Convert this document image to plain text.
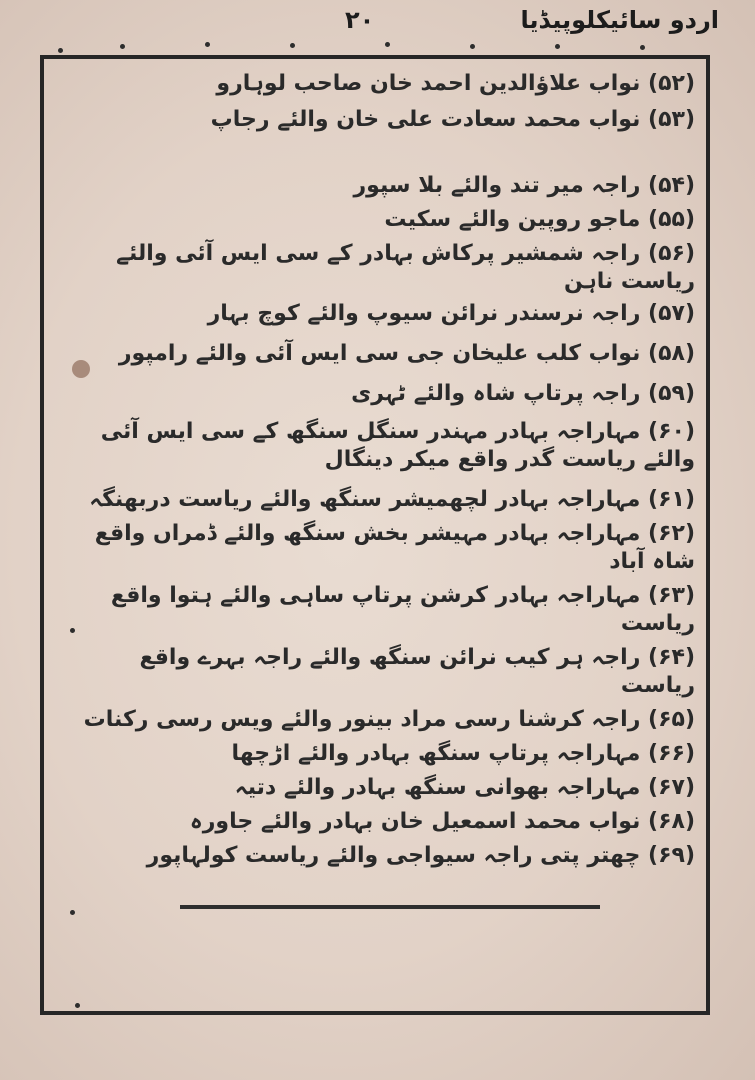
اردو سائیکلوپیڈیا
۲۰

(۵۲) نواب علاؤالدین احمد خان صاحب لوہارو

(۵۳) نواب محمد سعادت علی خان والئے رجاپ

(۵۴) راجہ میر تند والئے بلا سپور

(۵۵) ماجو روپین والئے سکیت

(۵۶) راجہ شمشیر پرکاش بہادر کے سی ایس آئی والئے ریاست ناہن

(۵۷) راجہ نرسندر نرائن سیوپ والئے کوچ بہار

(۵۸) نواب کلب علیخان جی سی ایس آئی والئے رامپور

(۵۹) راجہ پرتاپ شاہ والئے ٹہری

(۶۰) مہاراجہ بہادر مہندر سنگل سنگھ کے سی ایس آئی والئے ریاست گدر واقع میکر دینگال

(۶۱) مہاراجہ بہادر لچھمیشر سنگھ والئے ریاست دربھنگہ

(۶۲) مہاراجہ بہادر مہیشر بخش سنگھ والئے ڈمراں واقع شاہ آباد

(۶۳) مہاراجہ بہادر کرشن پرتاپ ساہی والئے ہتوا واقع ریاست

(۶۴) راجہ ہر کیب نرائن سنگھ والئے راجہ بہرے واقع ریاست

(۶۵) راجہ کرشنا رسی مراد بینور والئے ویس رسی رکنات

(۶۶) مہاراجہ پرتاپ سنگھ بہادر والئے اڑچھا

(۶۷) مہاراجہ بھوانی سنگھ بہادر والئے دتیہ

(۶۸) نواب محمد اسمعیل خان بہادر والئے جاورہ

(۶۹) چھتر پتی راجہ سیواجی والئے ریاست کولہاپور
